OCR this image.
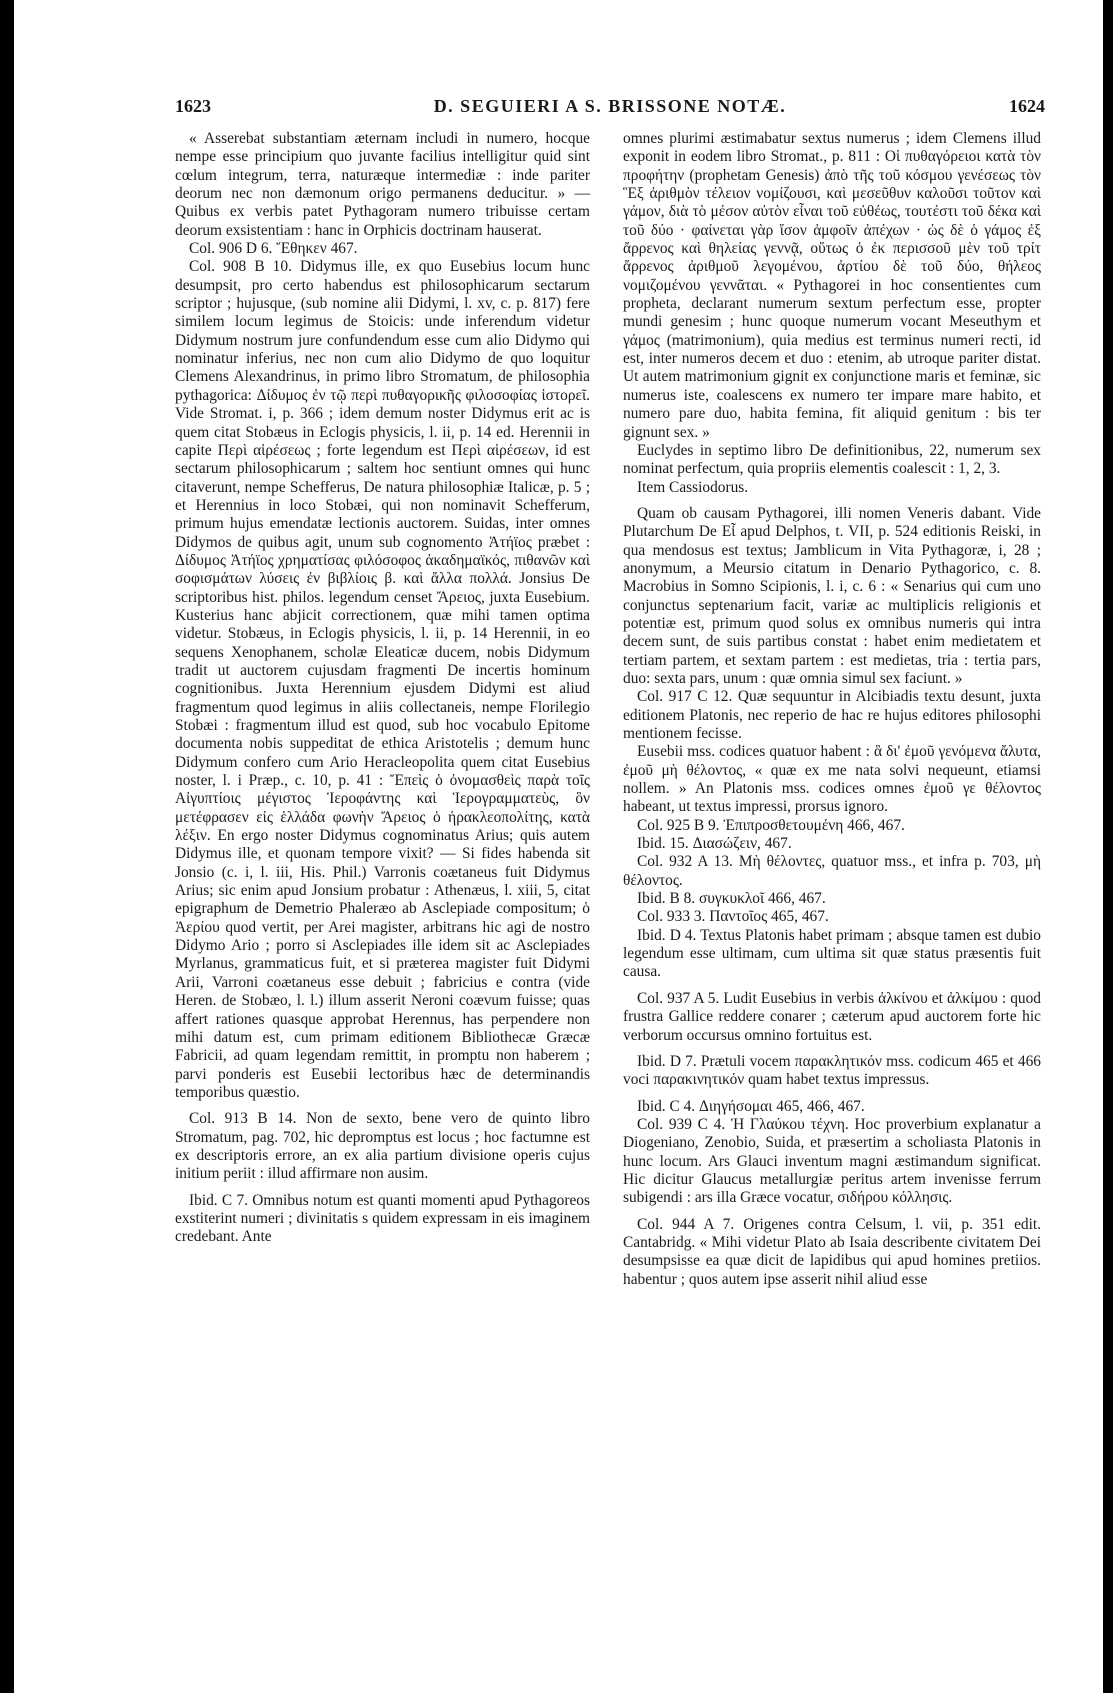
1623	D. SEGUIERI A S. BRISSONE NOTÆ.	1624

« Asserebat substantiam æternam includi in numero, hocque nempe esse principium quo juvante facilius intelligitur quid sint cœlum integrum, terra, naturæque intermediæ : inde pariter deorum nec non dæmonum origo permanens deducitur. » — Quibus ex verbis patet Pythagoram numero tribuisse certam deorum exsistentiam : hanc in Orphicis doctrinam hauserat.

Col. 906 D 6. Ἔθηκεν 467.

Col. 908 B 10. Didymus ille, ex quo Eusebius locum hunc desumpsit, pro certo habendus est philosophicarum sectarum scriptor ; hujusque, (sub nomine alii Didymi, l. xv, c. p. 817) fere similem locum legimus de Stoicis: unde inferendum videtur Didymum nostrum jure confundendum esse cum alio Didymo qui nominatur inferius, nec non cum alio Didymo de quo loquitur Clemens Alexandrinus, in primo libro Stromatum, de philosophia pythagorica: Δίδυμος ἐν τῷ περὶ πυθαγορικῆς φιλοσοφίας ἱστορεῖ. Vide Stromat. i, p. 366 ; idem demum noster Didymus erit ac is quem citat Stobæus in Eclogis physicis, l. ii, p. 14 ed. Herennii in capite Περὶ αἱρέσεως ; forte legendum est Περὶ αἱρέσεων, id est sectarum philosophicarum ; saltem hoc sentiunt omnes qui hunc citaverunt, nempe Schefferus, De natura philosophiæ Italicæ, p. 5 ; et Herennius in loco Stobæi, qui non nominavit Schefferum, primum hujus emendatæ lectionis auctorem. Suidas, inter omnes Didymos de quibus agit, unum sub cognomento Ἀτήϊος præbet : Δίδυμος Ἀτήϊος χρηματίσας φιλόσοφος ἀκαδημαϊκός, πιθανῶν καὶ σοφισμάτων λύσεις ἐν βιβλίοις β. καὶ ἄλλα πολλά. Jonsius De scriptoribus hist. philos. legendum censet Ἄρειος, juxta Eusebium. Kusterius hanc abjicit correctionem, quæ mihi tamen optima videtur. Stobæus, in Eclogis physicis, l. ii, p. 14 Herennii, in eo sequens Xenophanem, scholæ Eleaticæ ducem, nobis Didymum tradit ut auctorem cujusdam fragmenti De incertis hominum cognitionibus. Juxta Herennium ejusdem Didymi est aliud fragmentum quod legimus in aliis collectaneis, nempe Florilegio Stobæi : fragmentum illud est quod, sub hoc vocabulo Epitome documenta nobis suppeditat de ethica Aristotelis ; demum hunc Didymum confero cum Ario Heracleopolita quem citat Eusebius noster, l. i Præp., c. 10, p. 41 : Ἔπεὶς ὁ ὀνομασθεὶς παρὰ τοῖς Αἰγυπτίοις μέγιστος Ἱεροφάντης καὶ Ἱερογραμματεὺς, ὃν μετέφρασεν εἰς ἑλλάδα φωνὴν Ἄρειος ὁ ἡρακλεοπολίτης, κατὰ λέξιν. En ergo noster Didymus cognominatus Arius; quis autem Didymus ille, et quonam tempore vixit? — Si fides habenda sit Jonsio (c. i, l. iii, His. Phil.) Varronis coætaneus fuit Didymus Arius; sic enim apud Jonsium probatur : Athenæus, l. xiii, 5, citat epigraphum de Demetrio Phaleræo ab Asclepiade compositum; ὁ Ἀερίου quod vertit, per Arei magister, arbitrans hic agi de nostro Didymo Ario ; porro si Asclepiades ille idem sit ac Asclepiades Myrlanus, grammaticus fuit, et si præterea magister fuit Didymi Arii, Varroni coætaneus esse debuit ; fabricius e contra (vide Heren. de Stobæo, l. l.) illum asserit Neroni coævum fuisse; quas affert rationes quasque approbat Herennus, has perpendere non mihi datum est, cum primam editionem Bibliothecæ Græcæ Fabricii, ad quam legendam remittit, in promptu non haberem ; parvi ponderis est Eusebii lectoribus hæc de determinandis temporibus quæstio.

Col. 913 B 14. Non de sexto, bene vero de quinto libro Stromatum, pag. 702, hic depromptus est locus ; hoc factumne est ex descriptoris errore, an ex alia partium divisione operis cujus initium periit : illud affirmare non ausim.

Ibid. C 7. Omnibus notum est quanti momenti apud Pythagoreos exstiterint numeri ; divinitatis s quidem expressam in eis imaginem credebant. Ante

omnes plurimi æstimabatur sextus numerus ; idem Clemens illud exponit in eodem libro Stromat., p. 811 : Οἱ πυθαγόρειοι κατὰ τὸν προφήτην (prophetam Genesis) ἀπὸ τῆς τοῦ κόσμου γενέσεως τὸν Ἓξ ἀριθμὸν τέλειον νομίζουσι, καὶ μεσεῦθυν καλοῦσι τοῦτον καὶ γάμον, διὰ τὸ μέσον αὐτὸν εἶναι τοῦ εὐθέως, τουτέστι τοῦ δέκα καὶ τοῦ δύο · φαίνεται γὰρ ἴσον ἀμφοῖν ἀπέχων · ὡς δὲ ὁ γάμος ἐξ ἄρρενος καὶ θηλείας γεννᾷ, οὕτως ὁ ἐκ περισσοῦ μὲν τοῦ τρίτ ἄρρενος ἀριθμοῦ λεγομένου, ἀρτίου δὲ τοῦ δύο, θήλεος νομιζομένου γεννᾶται. « Pythagorei in hoc consentientes cum propheta, declarant numerum sextum perfectum esse, propter mundi genesim ; hunc quoque numerum vocant Meseuthym et γάμος (matrimonium), quia medius est terminus numeri recti, id est, inter numeros decem et duo : etenim, ab utroque pariter distat. Ut autem matrimonium gignit ex conjunctione maris et feminæ, sic numerus iste, coalescens ex numero ter impare mare habito, et numero pare duo, habita femina, fit aliquid genitum : bis ter gignunt sex. »

Euclydes in septimo libro De definitionibus, 22, numerum sex nominat perfectum, quia propriis elementis coalescit : 1, 2, 3.

Item Cassiodorus.

Quam ob causam Pythagorei, illi nomen Veneris dabant. Vide Plutarchum De Εἶ apud Delphos, t. VII, p. 524 editionis Reiski, in qua mendosus est textus; Jamblicum in Vita Pythagoræ, i, 28 ; anonymum, a Meursio citatum in Denario Pythagorico, c. 8. Macrobius in Somno Scipionis, l. i, c. 6 : « Senarius qui cum uno conjunctus septenarium facit, variæ ac multiplicis religionis et potentiæ est, primum quod solus ex omnibus numeris qui intra decem sunt, de suis partibus constat : habet enim medietatem et tertiam partem, et sextam partem : est medietas, tria : tertia pars, duo: sexta pars, unum : quæ omnia simul sex faciunt. »

Col. 917 C 12. Quæ sequuntur in Alcibiadis textu desunt, juxta editionem Platonis, nec reperio de hac re hujus editores philosophi mentionem fecisse.

Eusebii mss. codices quatuor habent : ἃ δι' ἐμοῦ γενόμενα ἄλυτα, ἐμοῦ μὴ θέλοντος, « quæ ex me nata solvi nequeunt, etiamsi nollem. » An Platonis mss. codices omnes ἐμοῦ γε θέλοντος habeant, ut textus impressi, prorsus ignoro.

Col. 925 B 9. Ἐπιπροσθετουμένη 466, 467.

Ibid. 15. Διασώζειν, 467.

Col. 932 A 13. Μὴ θέλοντες, quatuor mss., et infra p. 703, μὴ θέλοντος.

Ibid. B 8. συγκυκλοῖ 466, 467.

Col. 933 3. Παντοῖος 465, 467.

Ibid. D 4. Textus Platonis habet primam ; absque tamen est dubio legendum esse ultimam, cum ultima sit quæ status præsentis fuit causa.

Col. 937 A 5. Ludit Eusebius in verbis ἀλκίνου et ἀλκίμου : quod frustra Gallice reddere conarer ; cæterum apud auctorem forte hic verborum occursus omnino fortuitus est.

Ibid. D 7. Prætuli vocem παρακλητικόν mss. codicum 465 et 466 voci παρακινητικόν quam habet textus impressus.

Ibid. C 4. Διηγήσομαι 465, 466, 467.

Col. 939 C 4. Ἡ Γλαύκου τέχνη. Hoc proverbium explanatur a Diogeniano, Zenobio, Suida, et præsertim a scholiasta Platonis in hunc locum. Ars Glauci inventum magni æstimandum significat. Hic dicitur Glaucus metallurgiæ peritus artem invenisse ferrum subigendi : ars illa Græce vocatur, σιδήρου κόλλησις.

Col. 944 A 7. Origenes contra Celsum, l. vii, p. 351 edit. Cantabridg. « Mihi videtur Plato ab Isaia describente civitatem Dei desumpsisse ea quæ dicit de lapidibus qui apud homines pretiios. habentur ; quos autem ipse asserit nihil aliud esse
